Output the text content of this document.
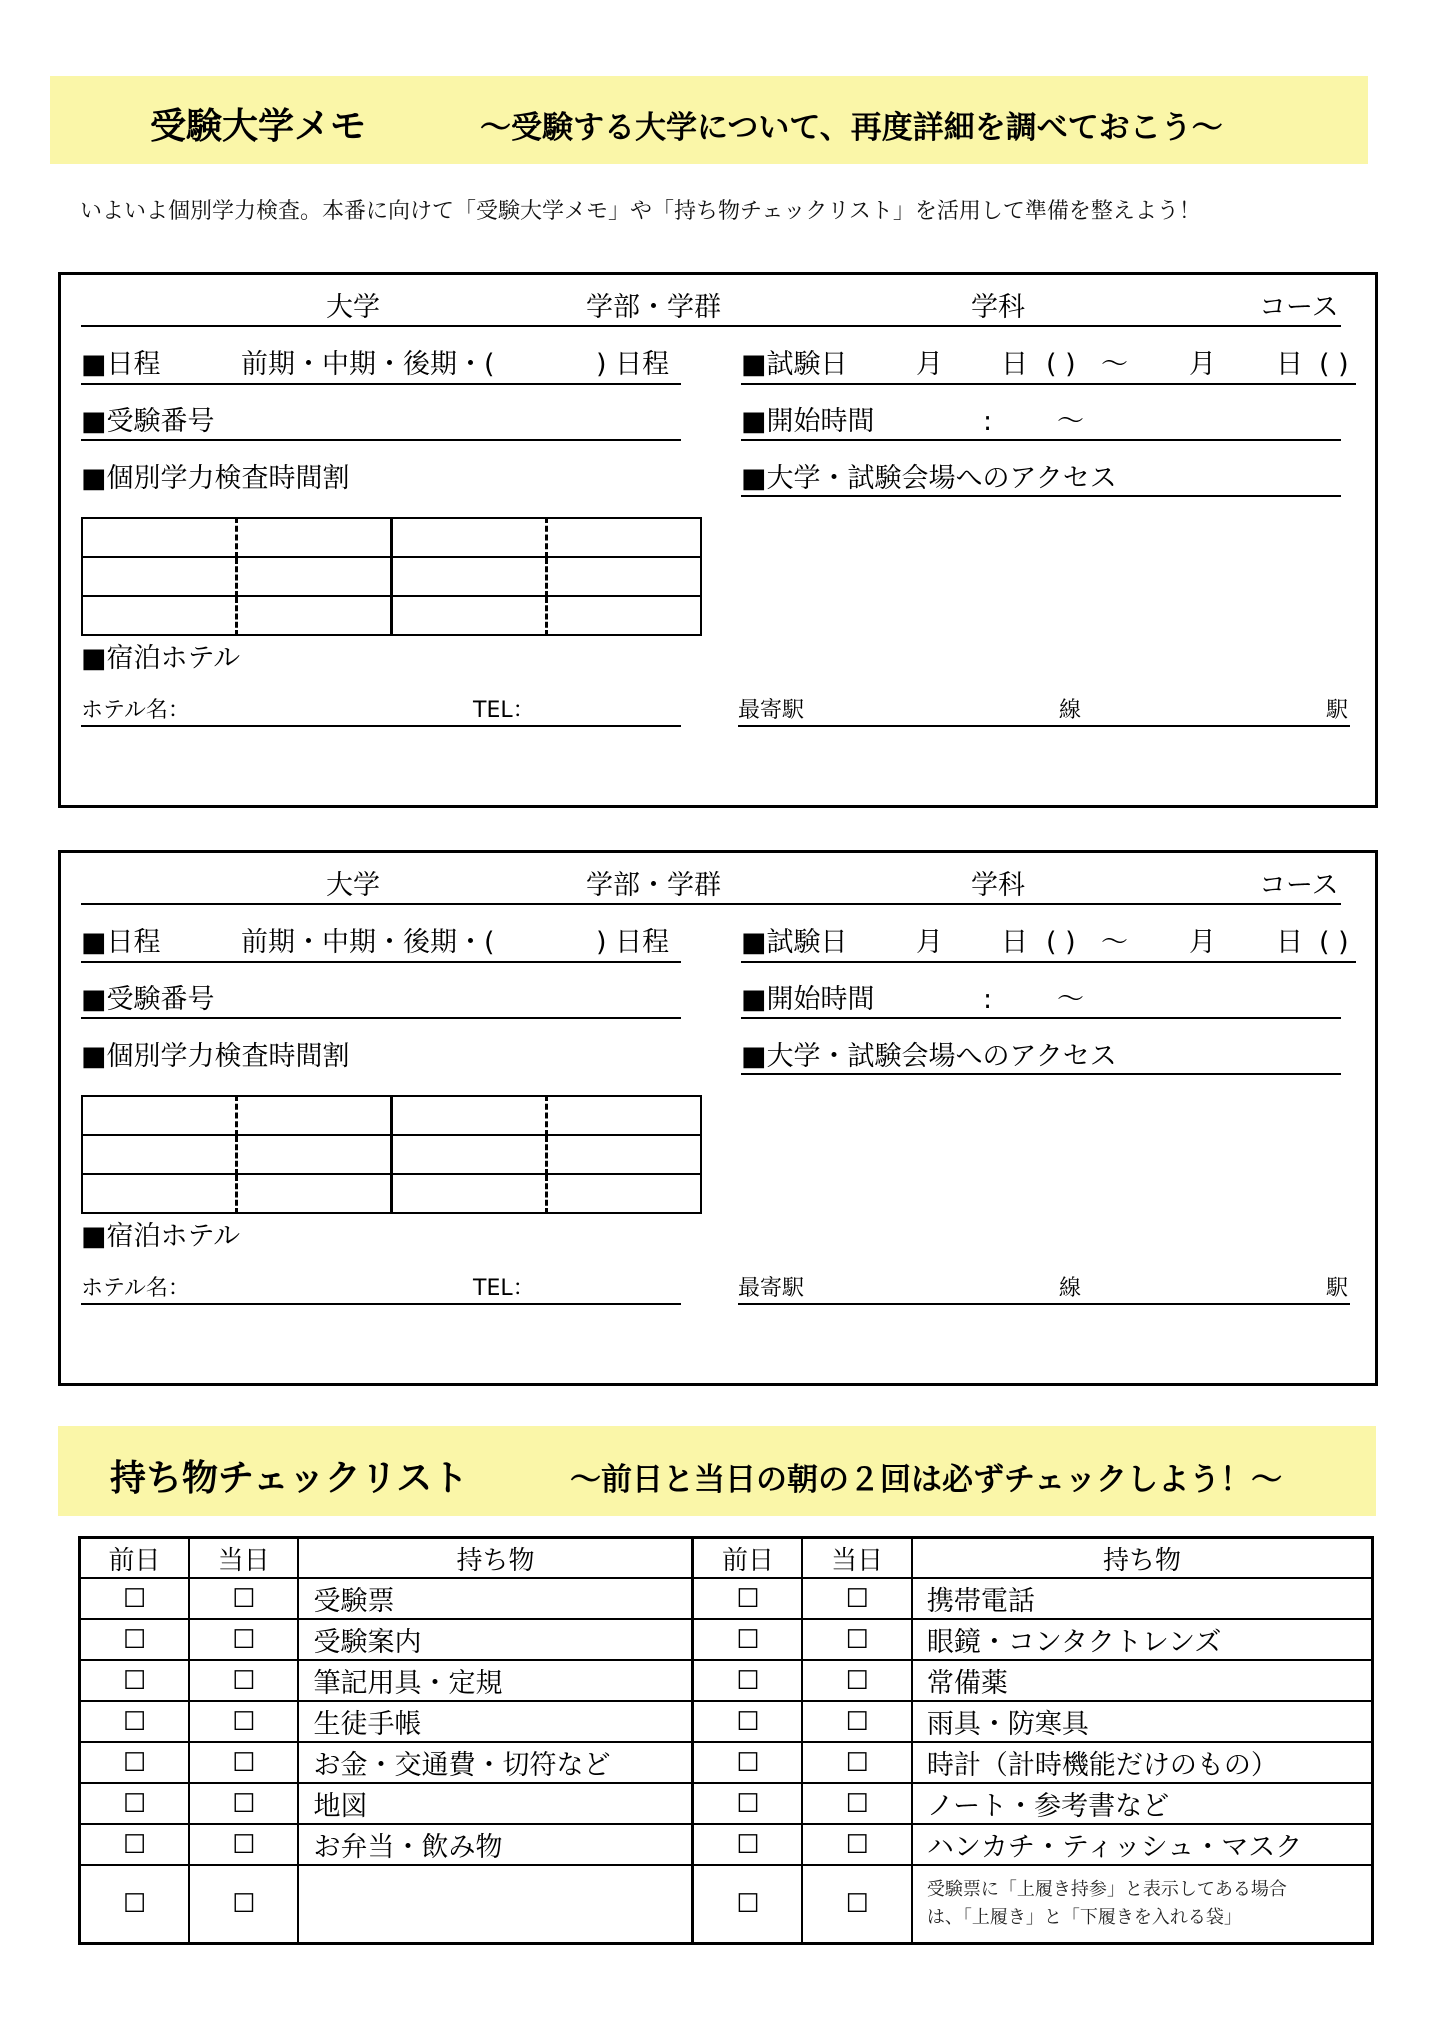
受験大学メモ	～受験する大学について、再度詳細を調べておこう～
いよいよ個別学力検査。本番に向けて「受験大学メモ」や「持ち物チェックリスト」を活用して準備を整えよう！
大学	学部・学群	学科	コース
■日程	前期・中期・後期・(	) 日程	■試験日	月 日 ( ) ～ 月 日 ( )
■受験番号	■開始時間	: ～
■個別学力検査時間割	■大学・試験会場へのアクセス

■宿泊ホテル
ホテル名：	TEL：	最寄駅	線	駅
大学	学部・学群	学科	コース
■日程	前期・中期・後期・(	) 日程	■試験日	月 日 ( ) ～ 月 日 ( )
■受験番号	■開始時間	: ～
■個別学力検査時間割	■大学・試験会場へのアクセス

■宿泊ホテル
ホテル名：	TEL：	最寄駅	線	駅
持ち物チェックリスト	～前日と当日の朝の２回は必ずチェックしよう！～
前日	当日	持ち物	前日	当日	持ち物
☐	☐	受験票	☐	☐	携帯電話
☐	☐	受験案内	☐	☐	眼鏡・コンタクトレンズ
☐	☐	筆記用具・定規	☐	☐	常備薬
☐	☐	生徒手帳	☐	☐	雨具・防寒具
☐	☐	お金・交通費・切符など	☐	☐	時計（計時機能だけのもの）
☐	☐	地図	☐	☐	ノート・参考書など
☐	☐	お弁当・飲み物	☐	☐	ハンカチ・ティッシュ・マスク
☐	☐		☐	☐	受験票に「上履き持参」と表示してある場合
は、「上履き」と「下履きを入れる袋」
